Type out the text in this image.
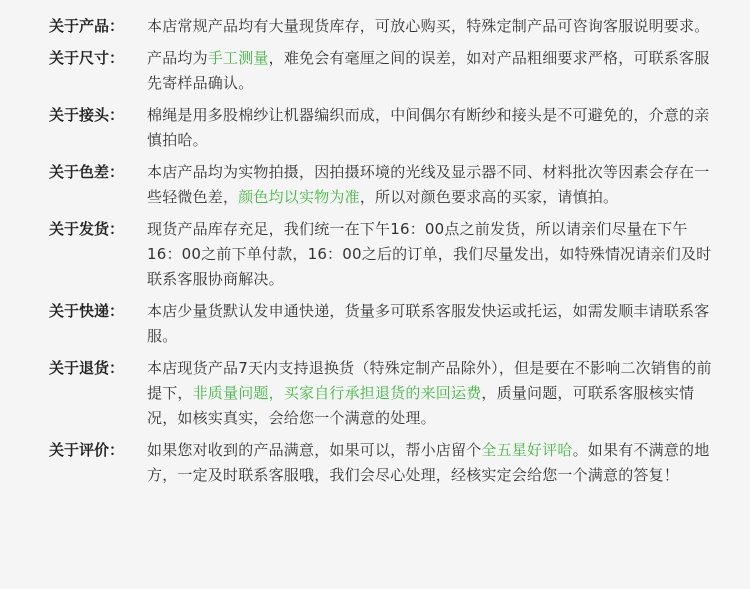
关于产品：	本店常规产品均有大量现货库存，可放心购买，特殊定制产品可咨询客服说明要求。
关于尺寸：	产品均为手工测量，难免会有毫厘之间的误差，如对产品粗细要求严格，可联系客服先寄样品确认。
关于接头：	棉绳是用多股棉纱让机器编织而成，中间偶尔有断纱和接头是不可避免的，介意的亲慎拍哈。
关于色差：	本店产品均为实物拍摄，因拍摄环境的光线及显示器不同、材料批次等因素会存在一些轻微色差，颜色均以实物为准，所以对颜色要求高的买家，请慎拍。
关于发货：	现货产品库存充足，我们统一在下午16：00点之前发货，所以请亲们尽量在下午16：00之前下单付款，16：00之后的订单，我们尽量发出，如特殊情况请亲们及时联系客服协商解决。
关于快递：	本店少量货默认发申通快递，货量多可联系客服发快运或托运，如需发顺丰请联系客服。
关于退货：	本店现货产品7天内支持退换货（特殊定制产品除外），但是要在不影响二次销售的前提下，非质量问题，买家自行承担退货的来回运费，质量问题，可联系客服核实情况，如核实真实，会给您一个满意的处理。
关于评价：	如果您对收到的产品满意，如果可以，帮小店留个全五星好评哈。如果有不满意的地方，一定及时联系客服哦，我们会尽心处理，经核实定会给您一个满意的答复！
